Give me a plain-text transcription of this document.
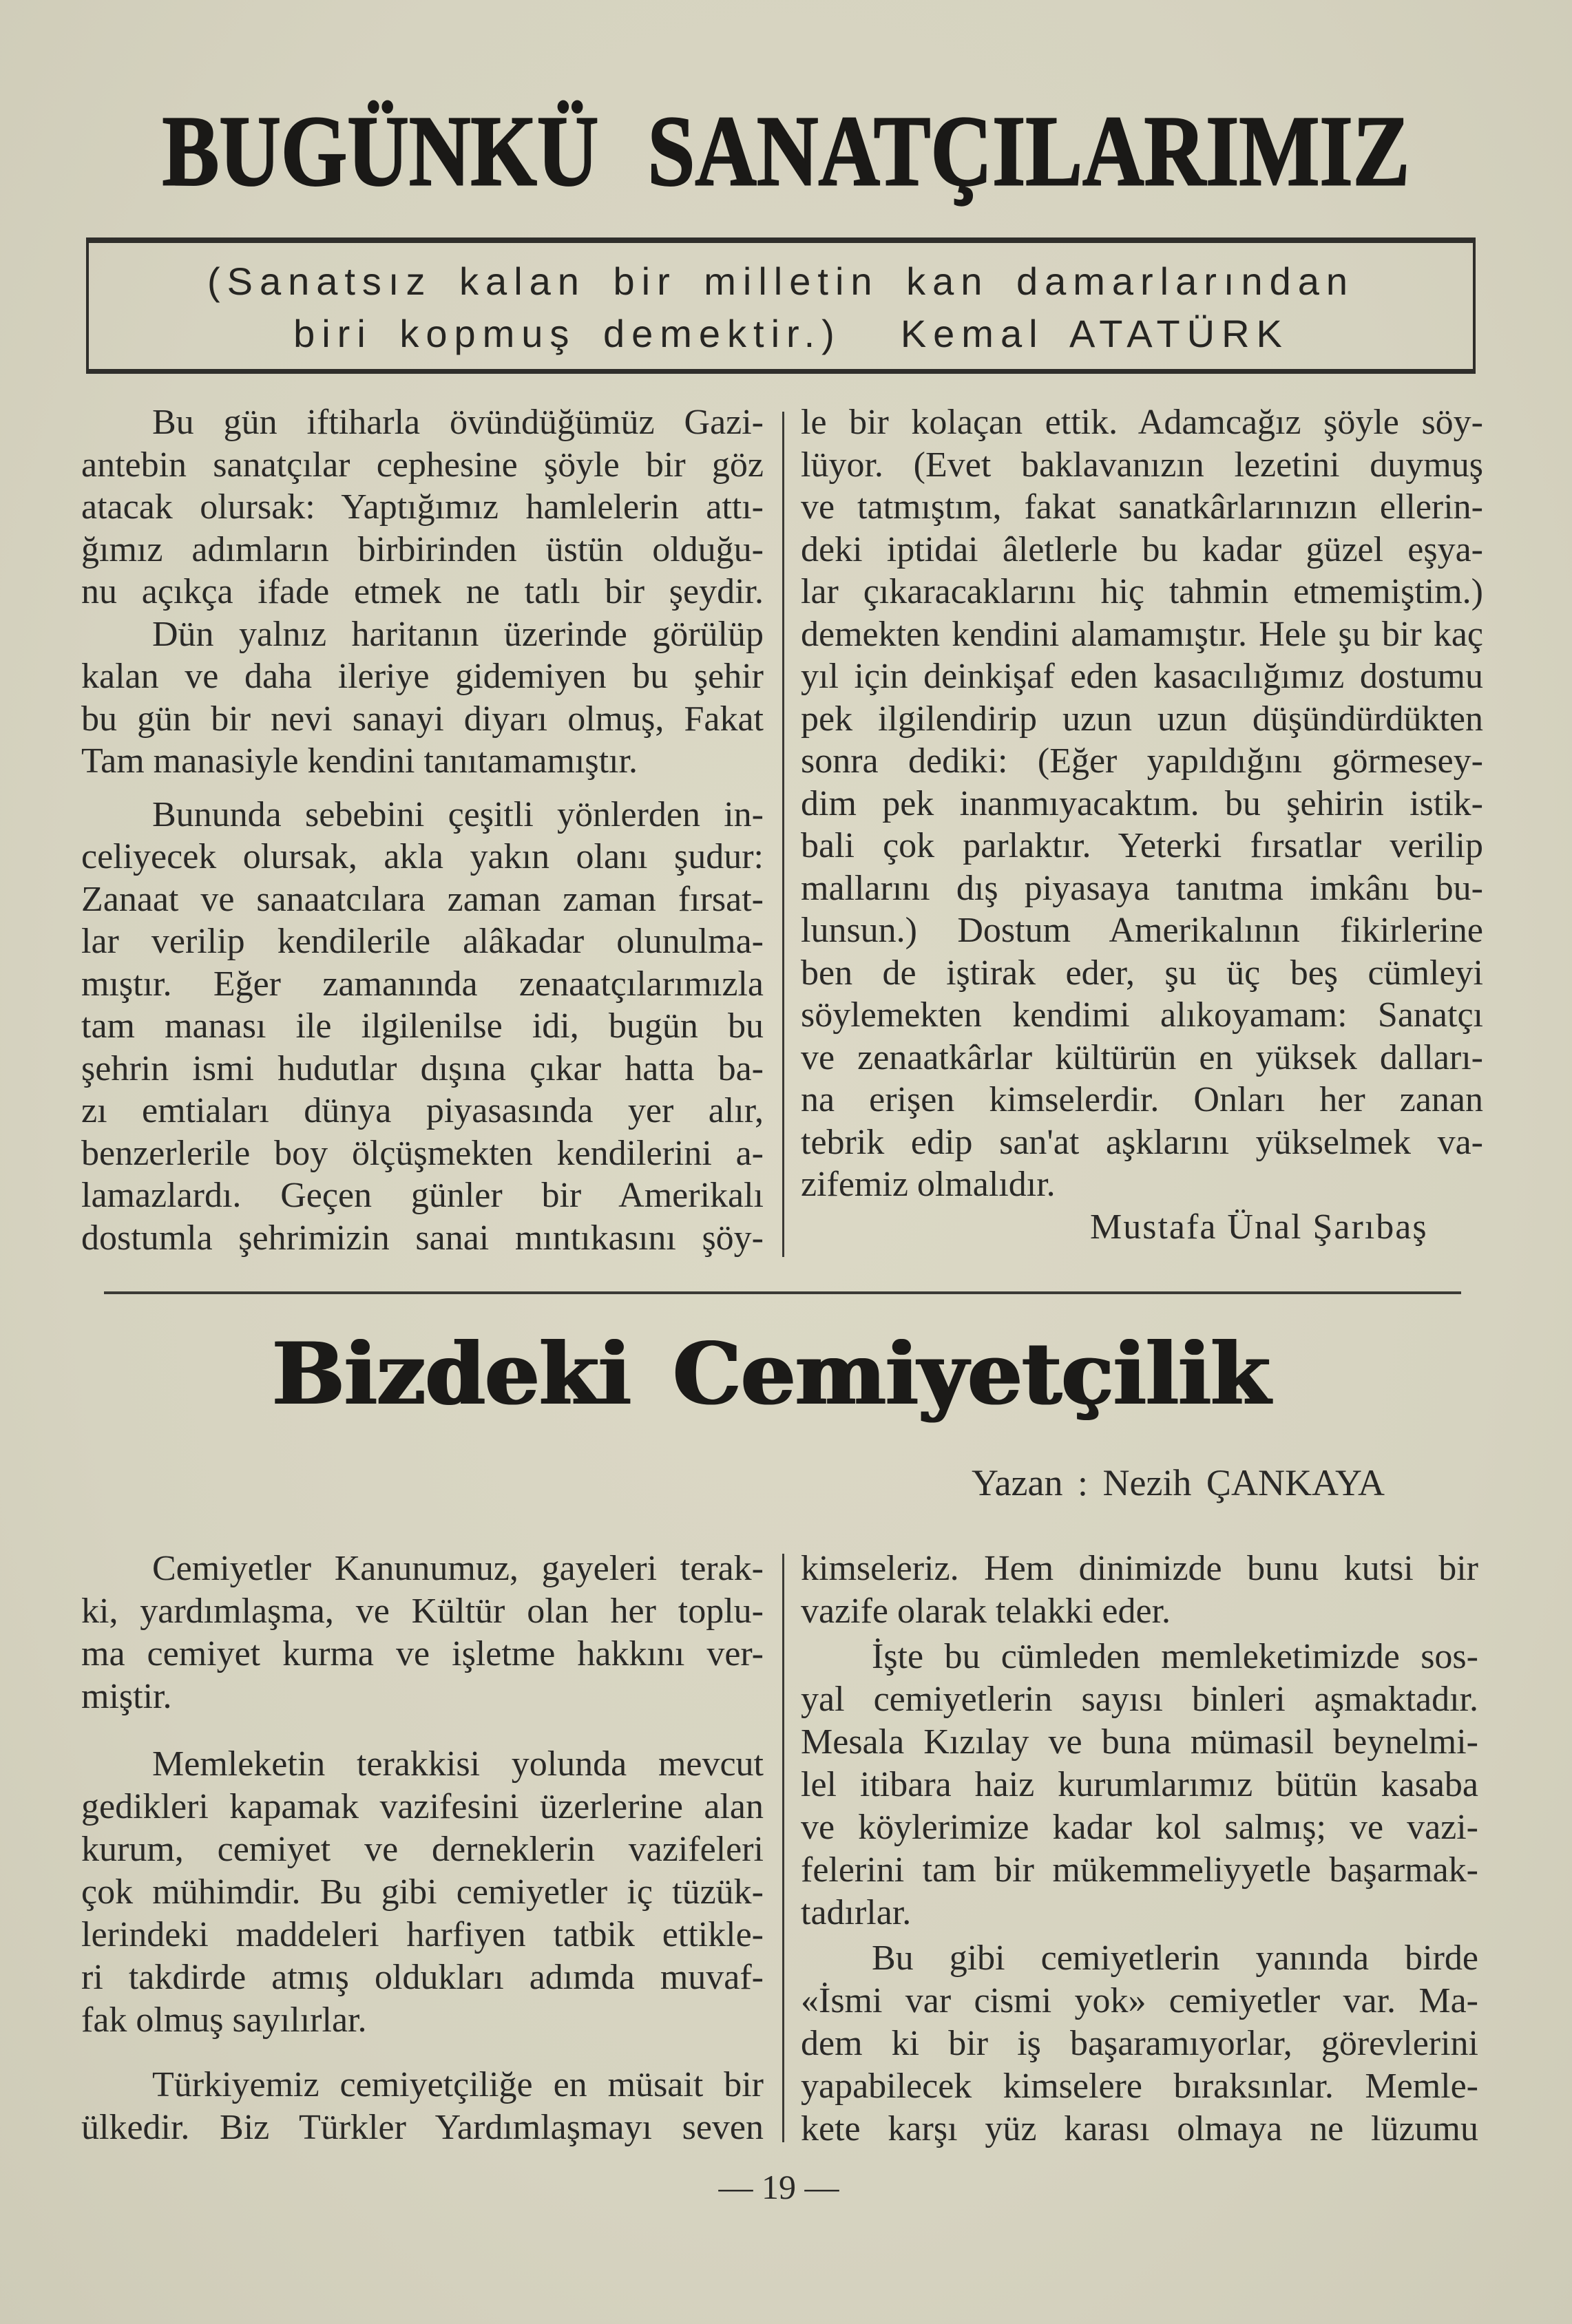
BUGÜNKÜ SANATÇILARIMIZ
(Sanatsız kalan bir milletin kan damarlarından
biri kopmuş demektir.) Kemal ATATÜRK
Bu gün iftiharla övündüğümüz Gazi-
antebin sanatçılar cephesine şöyle bir göz
atacak olursak: Yaptığımız hamlelerin attı-
ğımız adımların birbirinden üstün olduğu-
nu açıkça ifade etmek ne tatlı bir şeydir.
Dün yalnız haritanın üzerinde görülüp
kalan ve daha ileriye gidemiyen bu şehir
bu gün bir nevi sanayi diyarı olmuş, Fakat
Tam manasiyle kendini tanıtamamıştır.
Bununda sebebini çeşitli yönlerden in-
celiyecek olursak, akla yakın olanı şudur:
Zanaat ve sanaatcılara zaman zaman fırsat-
lar verilip kendilerile alâkadar olunulma-
mıştır. Eğer zamanında zenaatçılarımızla
tam manası ile ilgilenilse idi, bugün bu
şehrin ismi hudutlar dışına çıkar hatta ba-
zı emtiaları dünya piyasasında yer alır,
benzerlerile boy ölçüşmekten kendilerini a-
lamazlardı. Geçen günler bir Amerikalı
dostumla şehrimizin sanai mıntıkasını şöy-
le bir kolaçan ettik. Adamcağız şöyle söy-
lüyor. (Evet baklavanızın lezetini duymuş
ve tatmıştım, fakat sanatkârlarınızın ellerin-
deki iptidai âletlerle bu kadar güzel eşya-
lar çıkaracaklarını hiç tahmin etmemiştim.)
demekten kendini alamamıştır. Hele şu bir kaç
yıl için deinkişaf eden kasacılığımız dostumu
pek ilgilendirip uzun uzun düşündürdükten
sonra dediki: (Eğer yapıldığını görmesey-
dim pek inanmıyacaktım. bu şehirin istik-
bali çok parlaktır. Yeterki fırsatlar verilip
mallarını dış piyasaya tanıtma imkânı bu-
lunsun.) Dostum Amerikalının fikirlerine
ben de iştirak eder, şu üç beş cümleyi
söylemekten kendimi alıkoyamam: Sanatçı
ve zenaatkârlar kültürün en yüksek dalları-
na erişen kimselerdir. Onları her zanan
tebrik edip san'at aşklarını yükselmek va-
zifemiz olmalıdır.
Mustafa Ünal Şarıbaş
Bizdeki Cemiyetçilik
Yazan : Nezih ÇANKAYA
Cemiyetler Kanunumuz, gayeleri terak-
ki, yardımlaşma, ve Kültür olan her toplu-
ma cemiyet kurma ve işletme hakkını ver-
miştir.
Memleketin terakkisi yolunda mevcut
gedikleri kapamak vazifesini üzerlerine alan
kurum, cemiyet ve derneklerin vazifeleri
çok mühimdir. Bu gibi cemiyetler iç tüzük-
lerindeki maddeleri harfiyen tatbik ettikle-
ri takdirde atmış oldukları adımda muvaf-
fak olmuş sayılırlar.
Türkiyemiz cemiyetçiliğe en müsait bir
ülkedir. Biz Türkler Yardımlaşmayı seven
kimseleriz. Hem dinimizde bunu kutsi bir
vazife olarak telakki eder.
İşte bu cümleden memleketimizde sos-
yal cemiyetlerin sayısı binleri aşmaktadır.
Mesala Kızılay ve buna mümasil beynelmi-
lel itibara haiz kurumlarımız bütün kasaba
ve köylerimize kadar kol salmış; ve vazi-
felerini tam bir mükemmeliyyetle başarmak-
tadırlar.
Bu gibi cemiyetlerin yanında birde
«İsmi var cismi yok» cemiyetler var. Ma-
dem ki bir iş başaramıyorlar, görevlerini
yapabilecek kimselere bıraksınlar. Memle-
kete karşı yüz karası olmaya ne lüzumu
— 19 —
